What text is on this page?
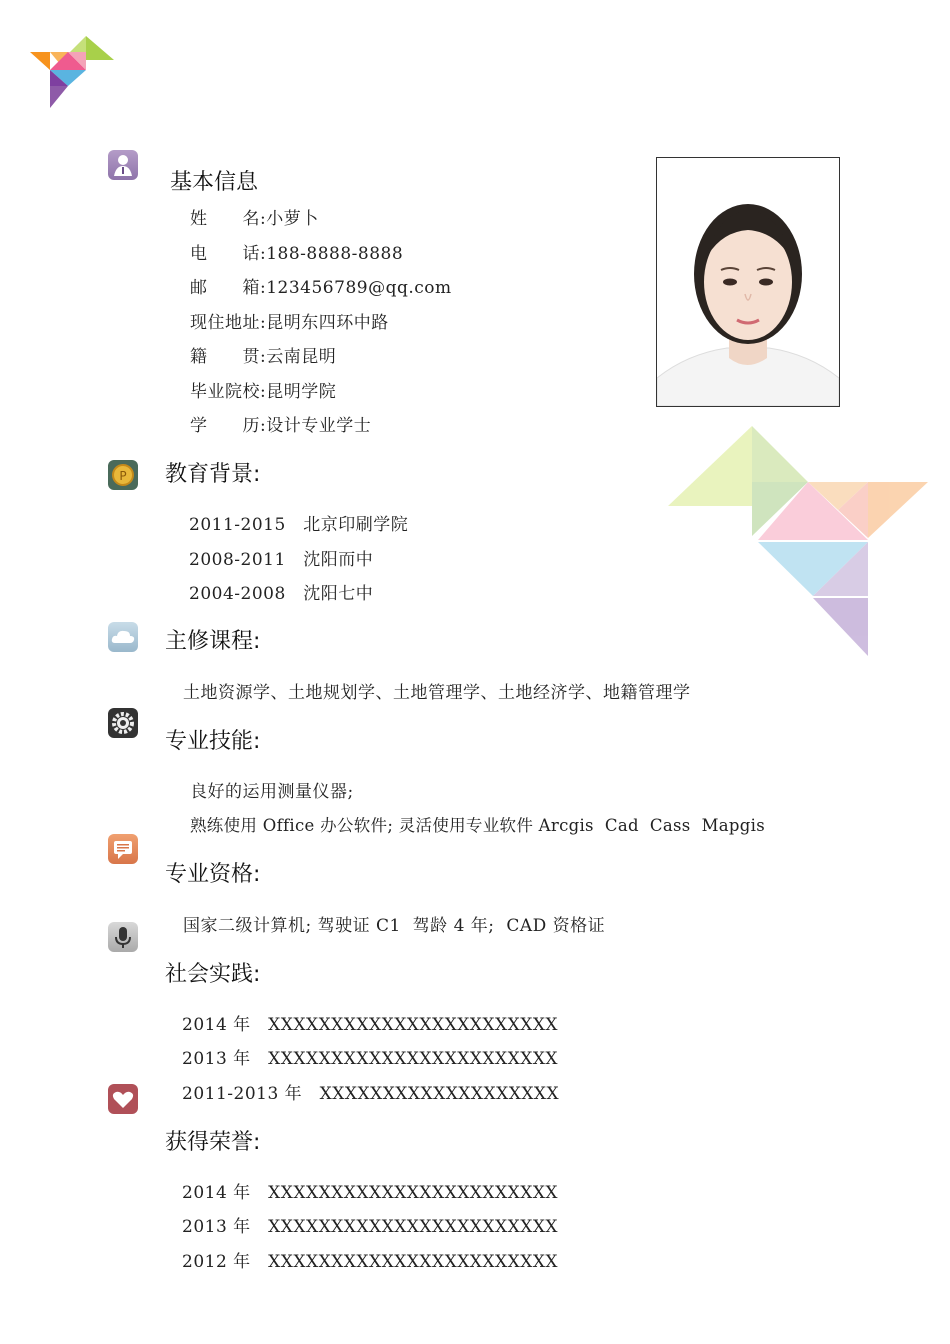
P
基本信息
姓　　名:小萝卜
电　　话:188-8888-8888
邮　　箱:123456789@qq.com
现住地址:昆明东四环中路
籍　　贯:云南昆明
毕业院校:昆明学院
学　　历:设计专业学士
教育背景:
2011-2015　北京印刷学院
2008-2011　沈阳而中
2004-2008　沈阳七中
主修课程:
土地资源学、土地规划学、土地管理学、土地经济学、地籍管理学
专业技能:
良好的运用测量仪器;
熟练使用 Office 办公软件; 灵活使用专业软件 Arcgis  Cad  Cass  Mapgis
专业资格:
国家二级计算机; 驾驶证 C1  驾龄 4 年;  CAD 资格证
社会实践:
2014 年　XXXXXXXXXXXXXXXXXXXXXXX
2013 年　XXXXXXXXXXXXXXXXXXXXXXX
2011-2013 年　XXXXXXXXXXXXXXXXXXX
获得荣誉:
2014 年　XXXXXXXXXXXXXXXXXXXXXXX
2013 年　XXXXXXXXXXXXXXXXXXXXXXX
2012 年　XXXXXXXXXXXXXXXXXXXXXXX
